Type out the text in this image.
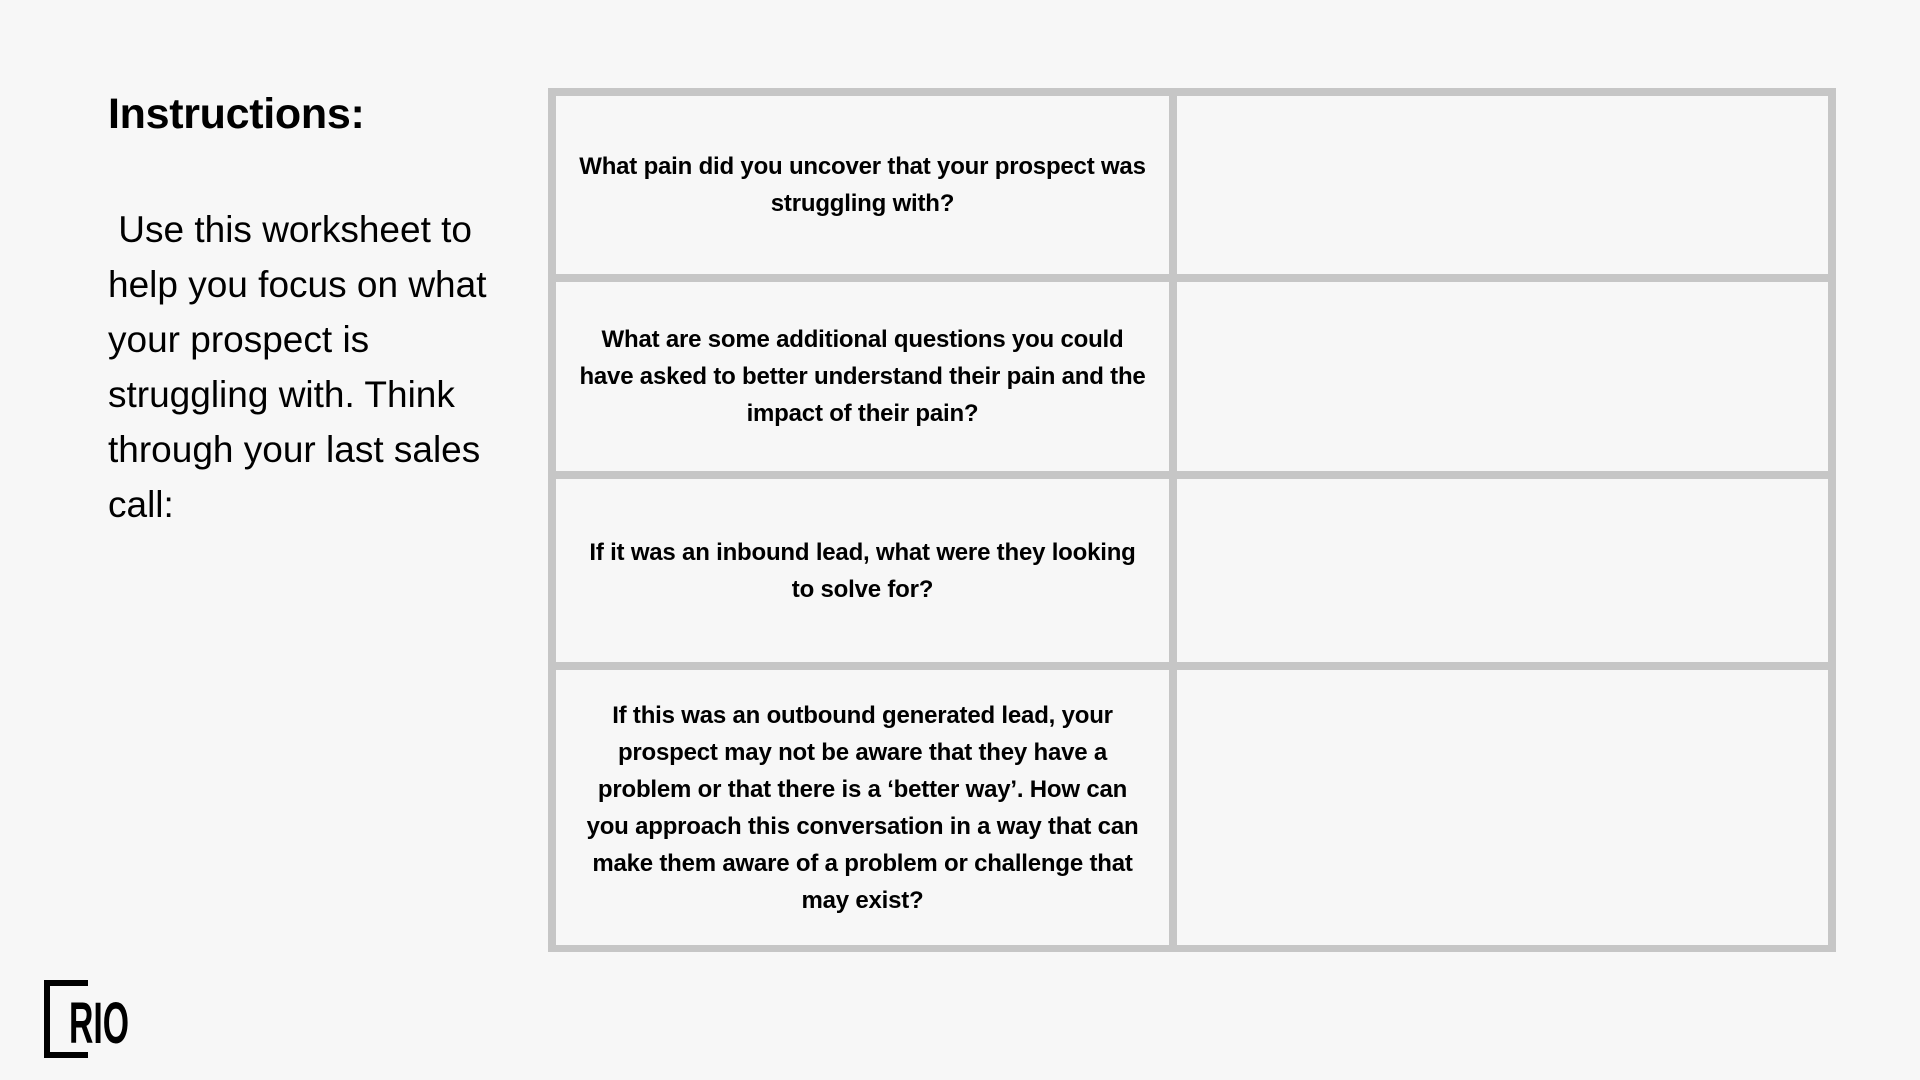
Instructions:

Use this worksheet to help you focus on what your prospect is struggling with. Think through your last sales call:

What pain did you uncover that your prospect was struggling with?
What are some additional questions you could have asked to better understand their pain and the impact of their pain?
If it was an inbound lead, what were they looking to solve for?
If this was an outbound generated lead, your prospect may not be aware that they have a problem or that there is a ‘better way’. How can you approach this conversation in a way that can make them aware of a problem or challenge that may exist?
RIO
